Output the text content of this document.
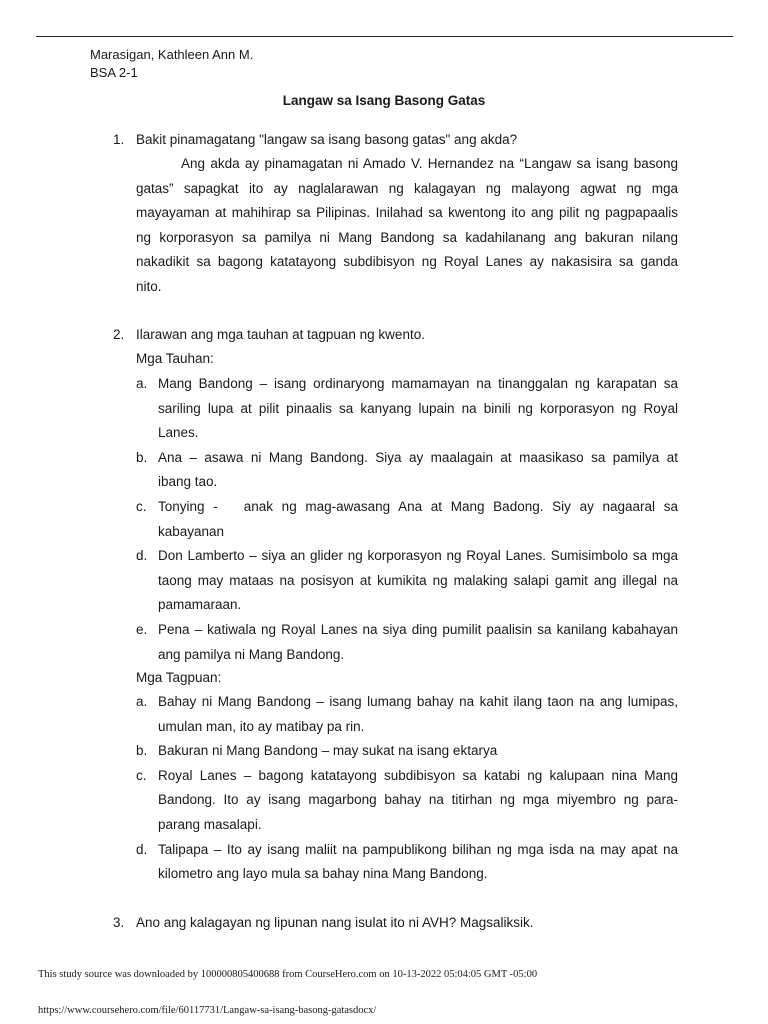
Marasigan, Kathleen Ann M.
BSA 2-1
Langaw sa Isang Basong Gatas
1. Bakit pinamagatang "langaw sa isang basong gatas" ang akda?
Ang akda ay pinamagatan ni Amado V. Hernandez na “Langaw sa isang basong
gatas” sapagkat ito ay naglalarawan ng kalagayan ng malayong agwat ng mga
mayayaman at mahihirap sa Pilipinas. Inilahad sa kwentong ito ang pilit ng pagpapaalis
ng korporasyon sa pamilya ni Mang Bandong sa kadahilanang ang bakuran nilang
nakadikit sa bagong katatayong subdibisyon ng Royal Lanes ay nakasisira sa ganda
nito.
2. Ilarawan ang mga tauhan at tagpuan ng kwento.
Mga Tauhan:
a. Mang Bandong – isang ordinaryong mamamayan na tinanggalan ng karapatan sa
sariling lupa at pilit pinaalis sa kanyang lupain na binili ng korporasyon ng Royal
Lanes.
b. Ana – asawa ni Mang Bandong. Siya ay maalagain at maasikaso sa pamilya at
ibang tao.
c. Tonying -   anak ng mag-awasang Ana at Mang Badong. Siy ay nagaaral sa
kabayanan
d. Don Lamberto – siya an glider ng korporasyon ng Royal Lanes. Sumisimbolo sa mga
taong may mataas na posisyon at kumikita ng malaking salapi gamit ang illegal na
pamamaraan.
e. Pena – katiwala ng Royal Lanes na siya ding pumilit paalisin sa kanilang kabahayan
ang pamilya ni Mang Bandong.
Mga Tagpuan:
a. Bahay ni Mang Bandong – isang lumang bahay na kahit ilang taon na ang lumipas,
umulan man, ito ay matibay pa rin.
b. Bakuran ni Mang Bandong – may sukat na isang ektarya
c. Royal Lanes – bagong katatayong subdibisyon sa katabi ng kalupaan nina Mang
Bandong. Ito ay isang magarbong bahay na titirhan ng mga miyembro ng para-
parang masalapi.
d. Talipapa – Ito ay isang maliit na pampublikong bilihan ng mga isda na may apat na
kilometro ang layo mula sa bahay nina Mang Bandong.
3. Ano ang kalagayan ng lipunan nang isulat ito ni AVH? Magsaliksik.
This study source was downloaded by 100000805400688 from CourseHero.com on 10-13-2022 05:04:05 GMT -05:00
https://www.coursehero.com/file/60117731/Langaw-sa-isang-basong-gatasdocx/
